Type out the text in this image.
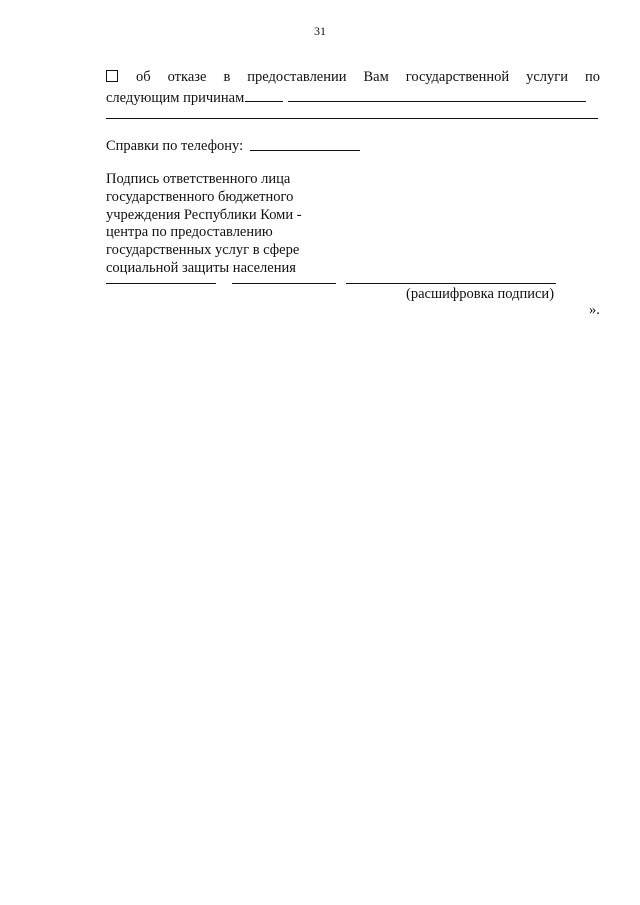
31
об отказе в предоставлении Вам государственной услуги по
следующим причинам
Справки по телефону:
Подпись ответственного лица
государственного бюджетного
учреждения Республики Коми -
центра по предоставлению
государственных услуг в сфере
социальной защиты населения
(расшифровка подписи)
».
